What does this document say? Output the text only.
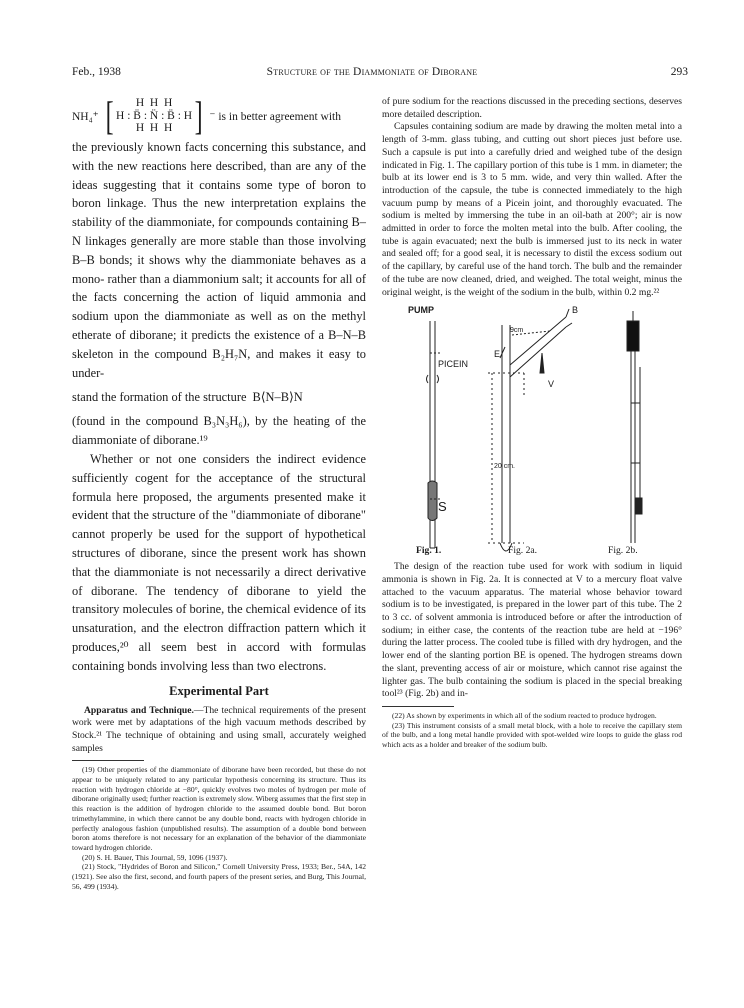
Feb., 1938	Structure of the Diammoniate of Diborane	293
NH₄⁺ [ H  H  H
H : B̈ : N̈ : B̈ : H
H  H  H ] ⁻ is in better agreement with

the previously known facts concerning this substance, and with the new reactions here described, than are any of the ideas suggesting that it contains some type of boron to boron linkage. Thus the new interpretation explains the stability of the diammoniate, for compounds containing B–N linkages generally are more stable than those involving B–B bonds; it shows why the diammoniate behaves as a mono- rather than a diammonium salt; it accounts for all of the facts concerning the action of liquid ammonia and sodium upon the diammoniate as well as on the methyl etherate of diborane; it predicts the existence of a B–N–B skeleton in the compound B₂H₇N, and makes it easy to under-

stand the formation of the structure B⟨N–B⟩N

(found in the compound B₃N₃H₆), by the heating of the diammoniate of diborane.¹⁹

Whether or not one considers the indirect evidence sufficiently cogent for the acceptance of the structural formula here proposed, the arguments presented make it evident that the structure of the "diammoniate of diborane" cannot properly be used for the support of hypothetical structures of diborane, since the present work has shown that the diammoniate is not necessarily a direct derivative of diborane. The tendency of diborane to yield the transitory molecules of borine, the chemical evidence of its unsaturation, and the electron diffraction pattern which it produces,²⁰ all seem best in accord with formulas containing bonds involving less than two electrons.

Experimental Part

Apparatus and Technique.—The technical requirements of the present work were met by adaptations of the high vacuum methods described by Stock.²¹ The technique of obtaining and using small, accurately weighed samples

(19) Other properties of the diammoniate of diborane have been recorded, but these do not appear to be uniquely related to any particular hypothesis concerning its structure. Thus its reaction with hydrogen chloride at −80°, quickly evolves two moles of hydrogen per mole of diborane originally used; further reaction is extremely slow. Wiberg assumes that the first step in this reaction is the addition of hydrogen chloride to the assumed double bond. But boron trimethylammine, in which there cannot be any double bond, reacts with hydrogen chloride in perfectly analogous fashion (unpublished results). The assumption of a double bond between boron atoms therefore is not necessary for an explanation of the behavior of the diammoniate toward hydrogen chloride.

(20) S. H. Bauer, This Journal, 59, 1096 (1937).

(21) Stock, "Hydrides of Boron and Silicon," Cornell University Press, 1933; Ber., 54A, 142 (1921). See also the first, second, and fourth papers of the present series, and Burg, This Journal, 56, 499 (1934).

of pure sodium for the reactions discussed in the preceding sections, deserves more detailed description.

Capsules containing sodium are made by drawing the molten metal into a length of 3-mm. glass tubing, and cutting out short pieces just before use. Such a capsule is put into a carefully dried and weighed tube of the design indicated in Fig. 1. The capillary portion of this tube is 1 mm. in diameter; the bulb at its lower end is 3 to 5 mm. wide, and very thin walled. After the introduction of the capsule, the tube is connected immediately to the high vacuum pump by means of a Picein joint, and thoroughly evacuated. The sodium is melted by immersing the tube in an oil-bath at 200°; air is now admitted in order to force the molten metal into the bulb. After cooling, the tube is again evacuated; next the bulb is immersed just to its neck in water and sealed off; for a good seal, it is necessary to distil the excess sodium out of the capillary, by careful use of the hand torch. The bulb and the remainder of the tube are now cleaned, dried, and weighed. The total weight, minus the original weight, is the weight of the sodium in the bulb, within 0.2 mg.²²

PUMP
PICEIN
S
B
9cm
E
V
20 cm.
Fig. 1.	Fig. 2a.	Fig. 2b.

The design of the reaction tube used for work with sodium in liquid ammonia is shown in Fig. 2a. It is connected at V to a mercury float valve attached to the vacuum apparatus. The material whose behavior toward sodium is to be investigated, is prepared in the lower part of this tube. The 2 to 3 cc. of solvent ammonia is introduced before or after the introduction of sodium; in either case, the contents of the reaction tube are held at −196° during the latter process. The cooled tube is filled with dry hydrogen, and the lower end of the slanting portion BE is opened. The hydrogen streams down the slant, preventing access of air or moisture, which cannot rise against the lighter gas. The bulb containing the sodium is placed in the special breaking tool²³ (Fig. 2b) and in-

(22) As shown by experiments in which all of the sodium reacted to produce hydrogen.

(23) This instrument consists of a small metal block, with a hole to receive the capillary stem of the bulb, and a long metal handle provided with spot-welded wire loops to guide the glass rod which acts as a holder and breaker of the sodium bulb.
